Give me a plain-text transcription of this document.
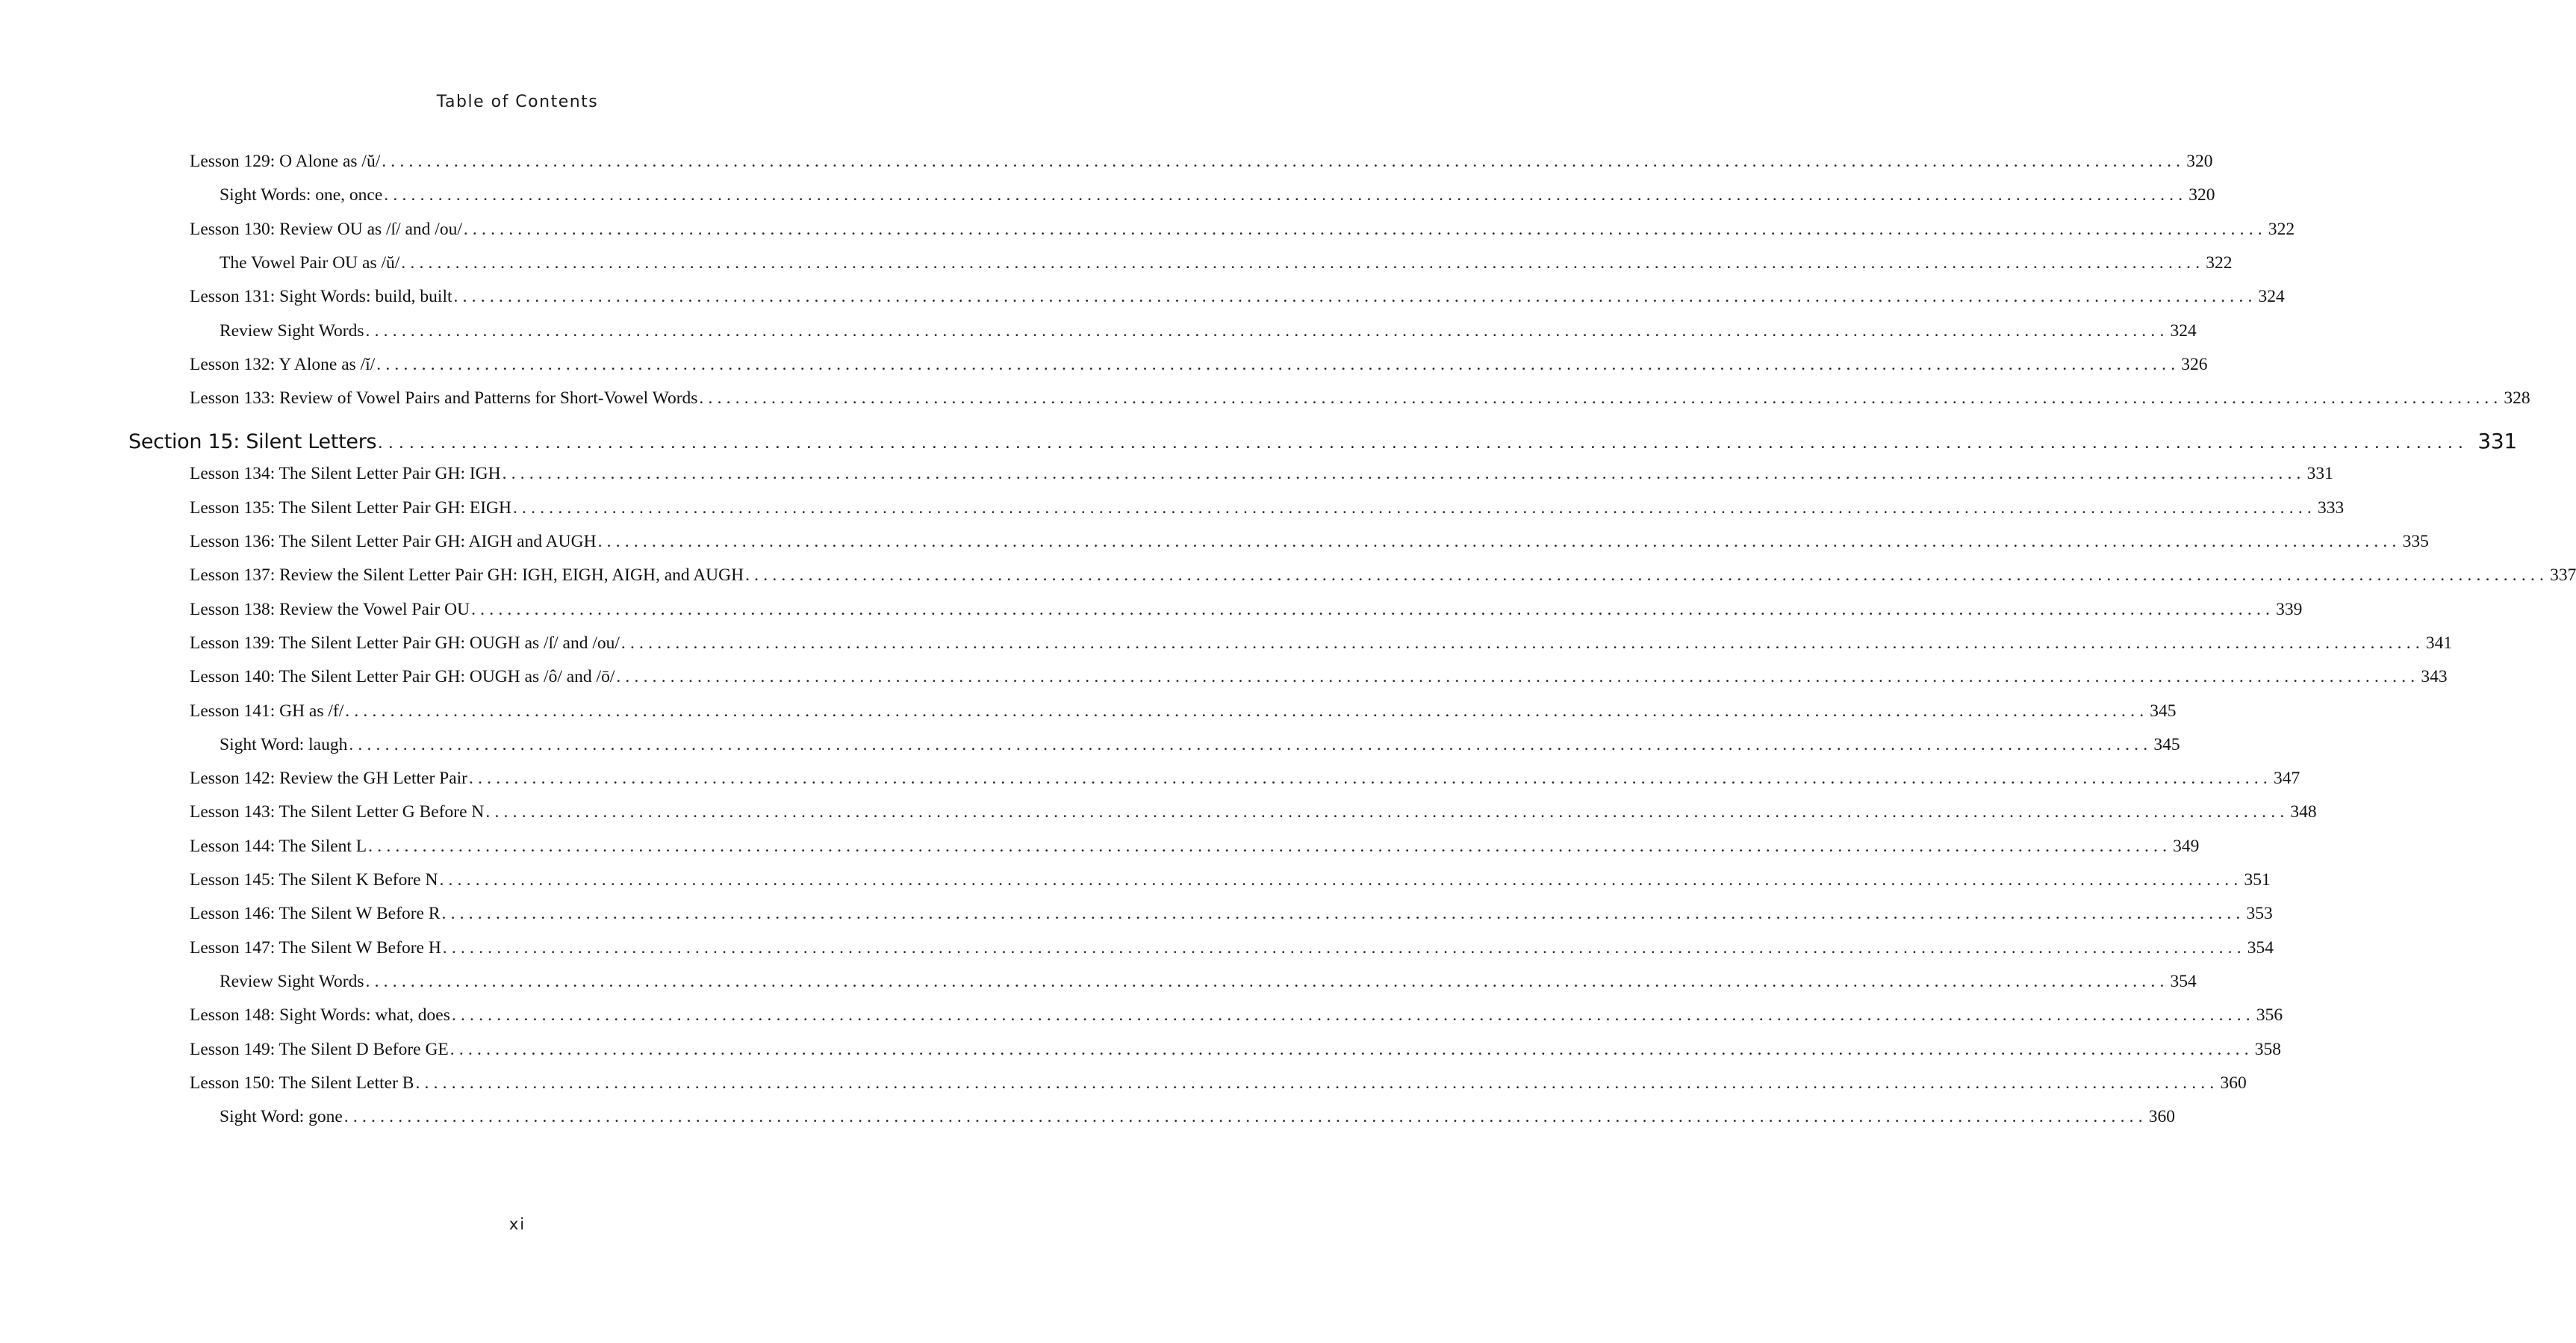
Table of Contents
Lesson 129: O Alone as /ŭ/ ........................................................................................................................................................................................................ 320
Sight Words: one, once ........................................................................................................................................................................................................ 320
Lesson 130: Review OU as /ſ/ and /ou/ ........................................................................................................................................................................................................ 322
The Vowel Pair OU as /ŭ/ ........................................................................................................................................................................................................ 322
Lesson 131: Sight Words: build, built ........................................................................................................................................................................................................ 324
Review Sight Words ........................................................................................................................................................................................................ 324
Lesson 132: Y Alone as /ĭ/ ........................................................................................................................................................................................................ 326
Lesson 133: Review of Vowel Pairs and Patterns for Short-Vowel Words ........................................................................................................................................................................................................ 328
Section 15: Silent Letters ........................................................................................................................................................................................................ 331
Lesson 134: The Silent Letter Pair GH: IGH ........................................................................................................................................................................................................ 331
Lesson 135: The Silent Letter Pair GH: EIGH ........................................................................................................................................................................................................ 333
Lesson 136: The Silent Letter Pair GH: AIGH and AUGH ........................................................................................................................................................................................................ 335
Lesson 137: Review the Silent Letter Pair GH: IGH, EIGH, AIGH, and AUGH ........................................................................................................................................................................................................ 337
Lesson 138: Review the Vowel Pair OU ........................................................................................................................................................................................................ 339
Lesson 139: The Silent Letter Pair GH: OUGH as /ſ/ and /ou/ ........................................................................................................................................................................................................ 341
Lesson 140: The Silent Letter Pair GH: OUGH as /ô/ and /ō/ ........................................................................................................................................................................................................ 343
Lesson 141: GH as /f/ ........................................................................................................................................................................................................ 345
Sight Word: laugh ........................................................................................................................................................................................................ 345
Lesson 142: Review the GH Letter Pair ........................................................................................................................................................................................................ 347
Lesson 143: The Silent Letter G Before N ........................................................................................................................................................................................................ 348
Lesson 144: The Silent L ........................................................................................................................................................................................................ 349
Lesson 145: The Silent K Before N ........................................................................................................................................................................................................ 351
Lesson 146: The Silent W Before R ........................................................................................................................................................................................................ 353
Lesson 147: The Silent W Before H ........................................................................................................................................................................................................ 354
Review Sight Words ........................................................................................................................................................................................................ 354
Lesson 148: Sight Words: what, does ........................................................................................................................................................................................................ 356
Lesson 149: The Silent D Before GE ........................................................................................................................................................................................................ 358
Lesson 150: The Silent Letter B ........................................................................................................................................................................................................ 360
Sight Word: gone ........................................................................................................................................................................................................ 360
xi
